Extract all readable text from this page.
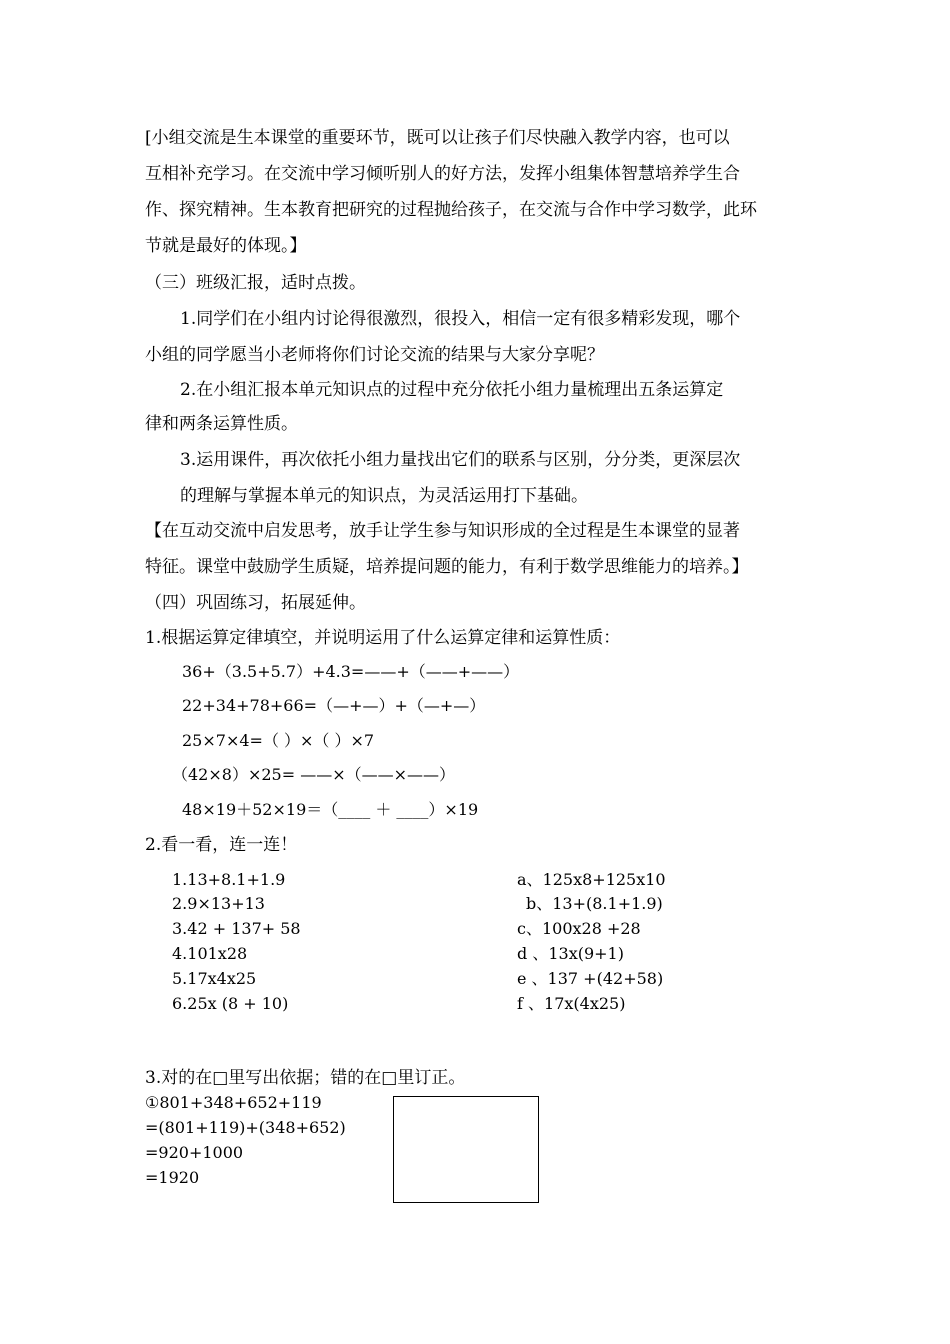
[小组交流是生本课堂的重要环节，既可以让孩子们尽快融入教学内容，也可以
互相补充学习。在交流中学习倾听别人的好方法，发挥小组集体智慧培养学生合
作、探究精神。生本教育把研究的过程抛给孩子，在交流与合作中学习数学，此环
节就是最好的体现。】
（三）班级汇报，适时点拨。
1.同学们在小组内讨论得很激烈，很投入，相信一定有很多精彩发现，哪个
小组的同学愿当小老师将你们讨论交流的结果与大家分享呢？
2.在小组汇报本单元知识点的过程中充分依托小组力量梳理出五条运算定
律和两条运算性质。
3.运用课件，再次依托小组力量找出它们的联系与区别，分分类，更深层次
的理解与掌握本单元的知识点，为灵活运用打下基础。
【在互动交流中启发思考，放手让学生参与知识形成的全过程是生本课堂的显著
特征。课堂中鼓励学生质疑，培养提问题的能力，有利于数学思维能力的培养。】
（四）巩固练习，拓展延伸。
1.根据运算定律填空，并说明运用了什么运算定律和运算性质：
36+（3.5+5.7）+4.3=——+（——+——）
22+34+78+66=（—+—）+（—+—）
25×7×4=（ ）×（ ）×7
（42×8）×25= ——×（——×——）
48×19＋52×19＝（____ ＋ ____）×19
2.看一看，连一连！
1.13+8.1+1.9
2.9×13+13
3.42 + 137+ 58
4.101x28
5.17x4x25
6.25x (8 + 10)
a、125x8+125x10
b、13+(8.1+1.9)
c、100x28 +28
d 、13x(9+1)
e 、137 +(42+58)
f 、17x(4x25)
3.对的在□里写出依据；错的在□里订正。
①801+348+652+119
=(801+119)+(348+652)
=920+1000
=1920
